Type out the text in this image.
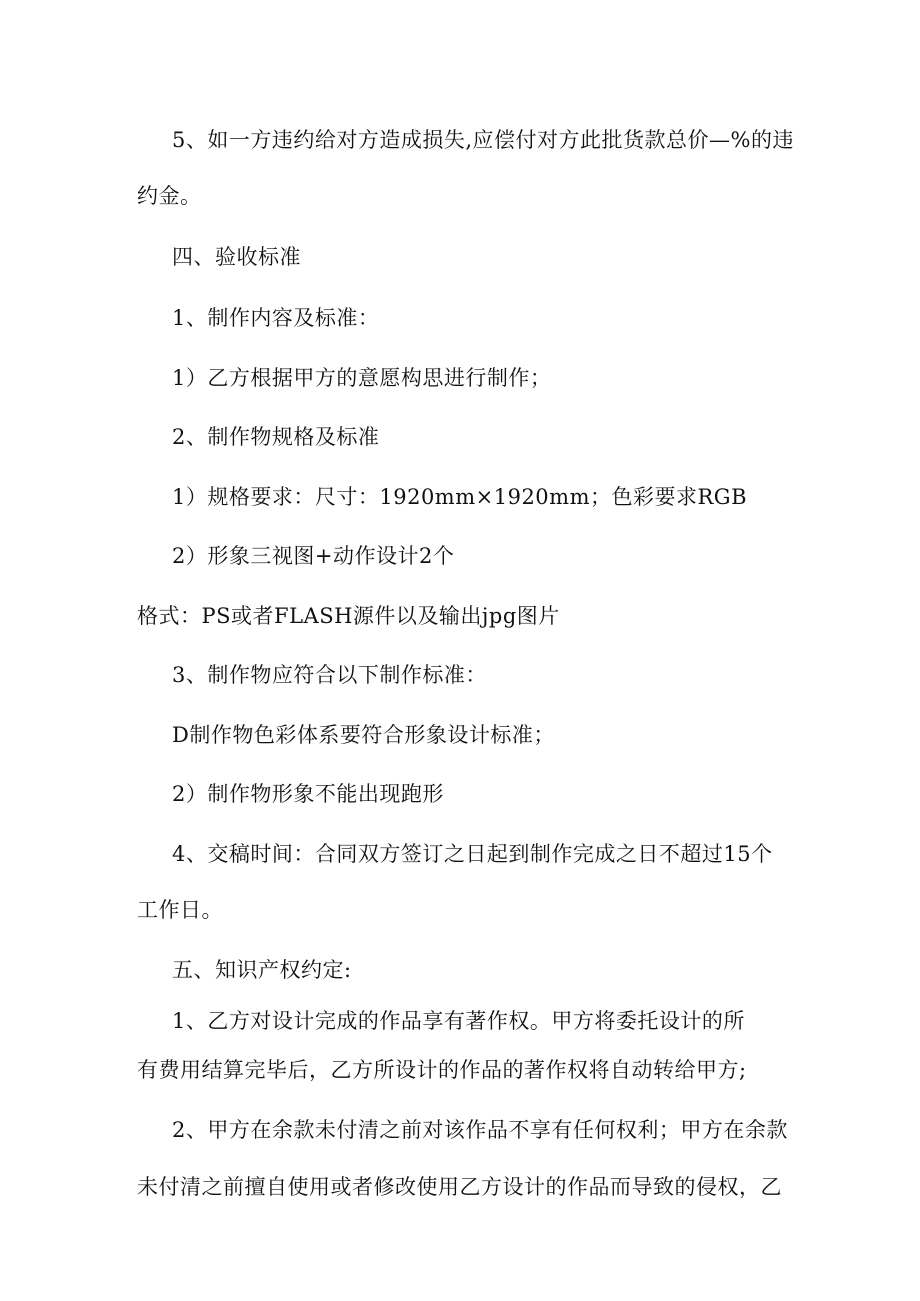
5、如一方违约给对方造成损失,应偿付对方此批货款总价—%的违
约金。
四、验收标准
1、制作内容及标准：
1）乙方根据甲方的意愿构思进行制作；
2、制作物规格及标准
1）规格要求：尺寸：1920mm×1920mm；色彩要求RGB
2）形象三视图+动作设计2个
格式：PS或者FLASH源件以及输出jpg图片
3、制作物应符合以下制作标准：
D制作物色彩体系要符合形象设计标准；
2）制作物形象不能出现跑形
4、交稿时间：合同双方签订之日起到制作完成之日不超过15个
工作日。
五、知识产权约定:
1、乙方对设计完成的作品享有著作权。甲方将委托设计的所
有费用结算完毕后，乙方所设计的作品的著作权将自动转给甲方;
2、甲方在余款未付清之前对该作品不享有任何权利；甲方在余款
未付清之前擅自使用或者修改使用乙方设计的作品而导致的侵权，乙
